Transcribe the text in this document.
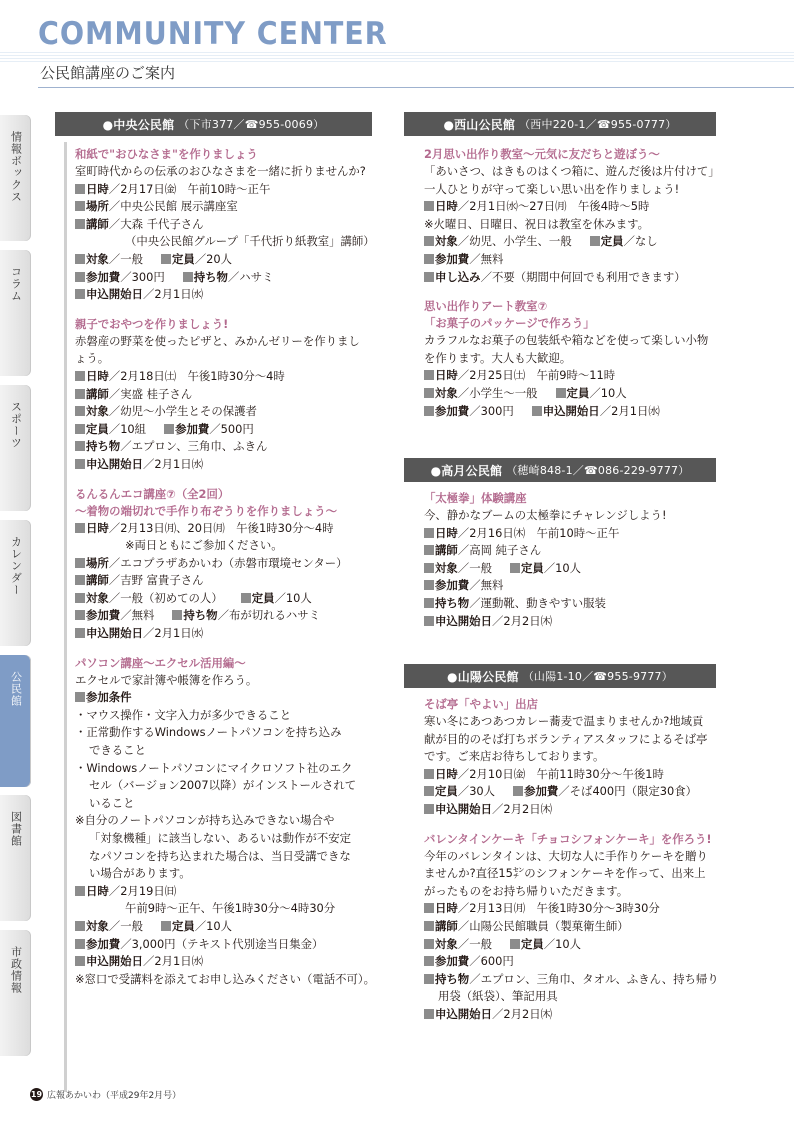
COMMUNITY CENTER
公民館講座のご案内
情報ボックス
コラム
スポーツ
カレンダー
公民館
図書館
市政情報
●中央公民館 （下市377／☎955-0069）

和紙で"おひなさま"を作りましょう

室町時代からの伝承のおひなさまを一緒に折りませんか?

日時／2月17日㈮　午前10時～正午

場所／中央公民館 展示講座室

講師／大森 千代子さん

（中央公民館グループ「千代折り紙教室」講師）

対象／一般	定員／20人

参加費／300円	持ち物／ハサミ

申込開始日／2月1日㈬

親子でおやつを作りましょう!

赤磐産の野菜を使ったピザと、みかんゼリーを作りましょう。

日時／2月18日㈯　午後1時30分～4時

講師／実盛 桂子さん

対象／幼児～小学生とその保護者

定員／10組	参加費／500円

持ち物／エプロン、三角巾、ふきん

申込開始日／2月1日㈬

るんるんエコ講座⑦（全2回）

～着物の端切れで手作り布ぞうりを作りましょう～

日時／2月13日㈪、20日㈪　午後1時30分～4時

※両日ともにご参加ください。

場所／エコプラザあかいわ（赤磐市環境センター）

講師／吉野 富貴子さん

対象／一般（初めての人）	定員／10人

参加費／無料	持ち物／布が切れるハサミ

申込開始日／2月1日㈬

パソコン講座～エクセル活用編～

エクセルで家計簿や帳簿を作ろう。

参加条件

・マウス操作・文字入力が多少できること

・正常動作するWindowsノートパソコンを持ち込み

できること

・Windowsノートパソコンにマイクロソフト社のエク

セル（バージョン2007以降）がインストールされて

いること

※自分のノートパソコンが持ち込みできない場合や

「対象機種」に該当しない、あるいは動作が不安定

なパソコンを持ち込まれた場合は、当日受講できな

い場合があります。

日時／2月19日㈰

午前9時～正午、午後1時30分～4時30分

対象／一般	定員／10人

参加費／3,000円（テキスト代別途当日集金）

申込開始日／2月1日㈬

※窓口で受講料を添えてお申し込みください（電話不可）。

●西山公民館 （西中220-1／☎955-0777）

2月思い出作り教室～元気に友だちと遊ぼう～

「あいさつ、はきものはくつ箱に、遊んだ後は片付けて」一人ひとりが守って楽しい思い出を作りましょう!

日時／2月1日㈬～27日㈪　午後4時～5時

※火曜日、日曜日、祝日は教室を休みます。

対象／幼児、小学生、一般	定員／なし

参加費／無料

申し込み／不要（期間中何回でも利用できます）

思い出作りアート教室⑦

「お菓子のパッケージで作ろう」

カラフルなお菓子の包装紙や箱などを使って楽しい小物を作ります。大人も大歓迎。

日時／2月25日㈯　午前9時～11時

対象／小学生～一般	定員／10人

参加費／300円	申込開始日／2月1日㈬

●高月公民館 （穂崎848-1／☎086-229-9777）

「太極拳」体験講座

今、静かなブームの太極拳にチャレンジしよう!

日時／2月16日㈭　午前10時～正午

講師／高岡 純子さん

対象／一般	定員／10人

参加費／無料

持ち物／運動靴、動きやすい服装

申込開始日／2月2日㈭

●山陽公民館 （山陽1-10／☎955-9777）

そば亭「やよい」出店

寒い冬にあつあつカレー蕎麦で温まりませんか?地域貢献が目的のそば打ちボランティアスタッフによるそば亭です。ご来店お待ちしております。

日時／2月10日㈮　午前11時30分～午後1時

定員／30人	参加費／そば400円（限定30食）

申込開始日／2月2日㈭

バレンタインケーキ「チョコシフォンケーキ」を作ろう!

今年のバレンタインは、大切な人に手作りケーキを贈りませんか?直径15㌢のシフォンケーキを作って、出来上がったものをお持ち帰りいただきます。

日時／2月13日㈪　午後1時30分～3時30分

講師／山陽公民館職員（製菓衛生師）

対象／一般	定員／10人

参加費／600円

持ち物／エプロン、三角巾、タオル、ふきん、持ち帰り

用袋（紙袋）、筆記用具

申込開始日／2月2日㈭

19 広報あかいわ（平成29年2月号）
